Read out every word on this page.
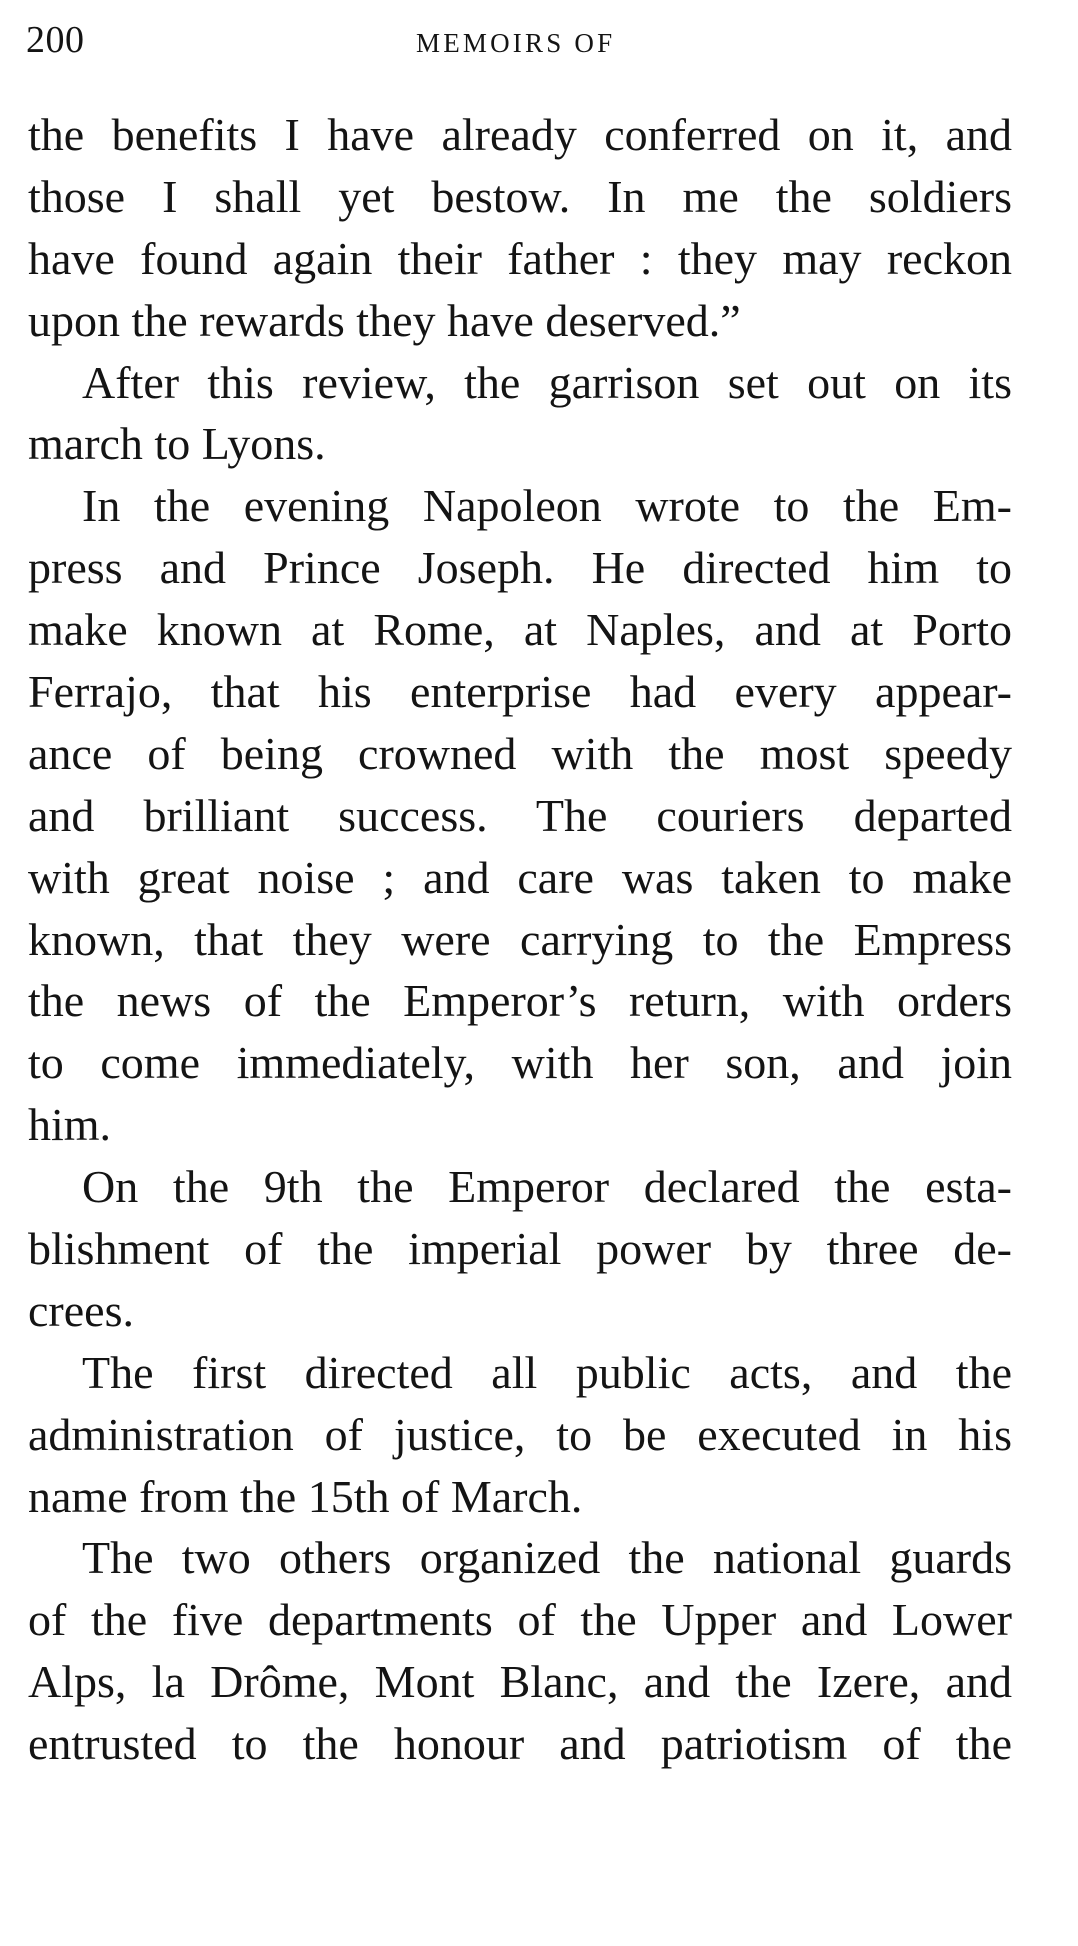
200	MEMOIRS OF
the benefits I have already conferred on it, and
those I shall yet bestow. In me the soldiers
have found again their father : they may reckon
upon the rewards they have deserved.”
After this review, the garrison set out on its
march to Lyons.
In the evening Napoleon wrote to the Em-
press and Prince Joseph. He directed him to
make known at Rome, at Naples, and at Porto
Ferrajo, that his enterprise had every appear-
ance of being crowned with the most speedy
and brilliant success. The couriers departed
with great noise ; and care was taken to make
known, that they were carrying to the Empress
the news of the Emperor’s return, with orders
to come immediately, with her son, and join
him.
On the 9th the Emperor declared the esta-
blishment of the imperial power by three de-
crees.
The first directed all public acts, and the
administration of justice, to be executed in his
name from the 15th of March.
The two others organized the national guards
of the five departments of the Upper and Lower
Alps, la Drôme, Mont Blanc, and the Izere, and
entrusted to the honour and patriotism of the
